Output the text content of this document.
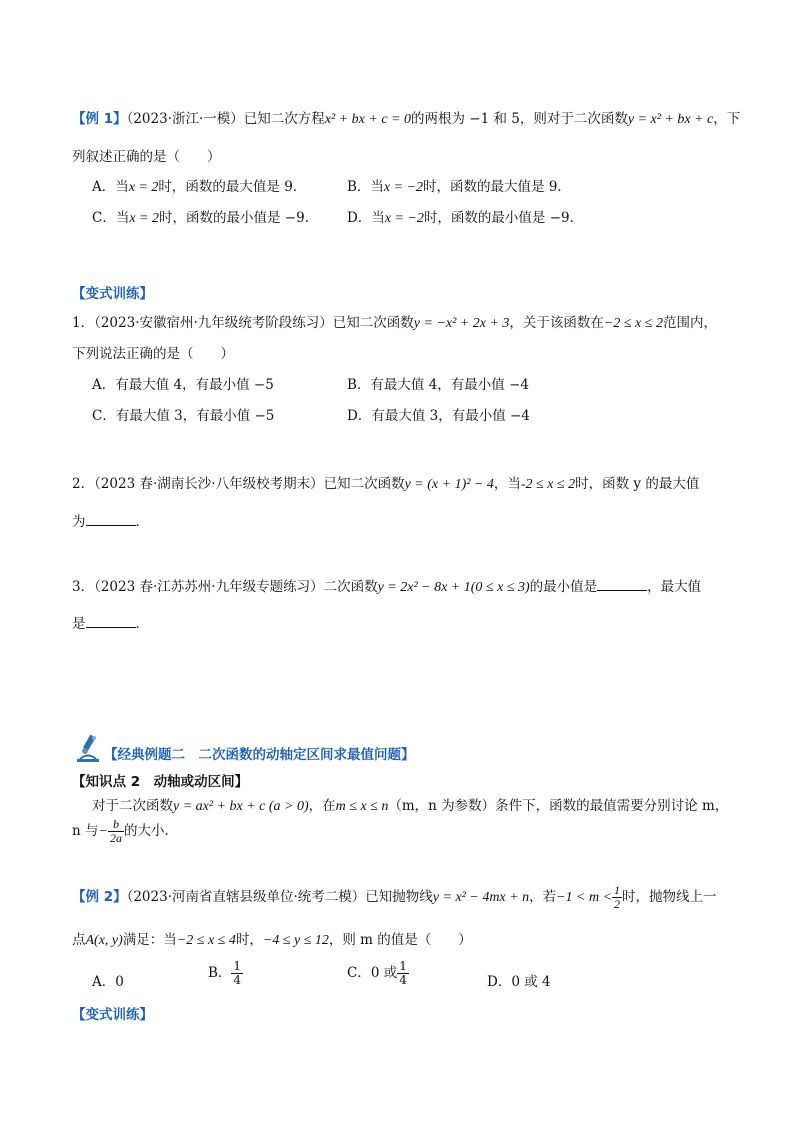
【例 1】（2023·浙江·一模）已知二次方程x² + bx + c = 0的两根为 −1 和 5，则对于二次函数y = x² + bx + c，下
列叙述正确的是（　　）
A．当x = 2时，函数的最大值是 9．	B．当x = −2时，函数的最大值是 9．
C．当x = 2时，函数的最小值是 −9． D．当x = −2时，函数的最小值是 −9．
【变式训练】
1．（2023·安徽宿州·九年级统考阶段练习）已知二次函数y = −x² + 2x + 3，关于该函数在−2 ≤ x ≤ 2范围内，
下列说法正确的是（　　）
A．有最大值 4，有最小值 −5	B．有最大值 4，有最小值 −4
C．有最大值 3，有最小值 −5	D．有最大值 3，有最小值 −4
2．（2023 春·湖南长沙·八年级校考期末）已知二次函数y = (x + 1)² − 4，当-2 ≤ x ≤ 2时，函数 y 的最大值
为	．
3．（2023 春·江苏苏州·九年级专题练习）二次函数y = 2x² − 8x + 1(0 ≤ x ≤ 3)的最小值是	，最大值
是	．
【经典例题二　二次函数的动轴定区间求最值问题】
【知识点 2　动轴或动区间】
对于二次函数y = ax² + bx + c (a > 0)，在m ≤ x ≤ n（m，n 为参数）条件下，函数的最值需要分别讨论 m，
n 与− $\frac{b}{2a}$ 的大小．
【例 2】（2023·河南省直辖县级单位·统考二模）已知抛物线y = x² − 4mx + n，若$-1 < m < \frac{1}{2}$ 时，抛物线上一
点A(x, y)满足：当−2 ≤ x ≤ 4时，−4 ≤ y ≤ 12，则 m 的值是（　　）
A．0
B． $\frac{1}{4}$	C．0 或 $\frac{1}{4}$	D．0 或 4
【变式训练】
